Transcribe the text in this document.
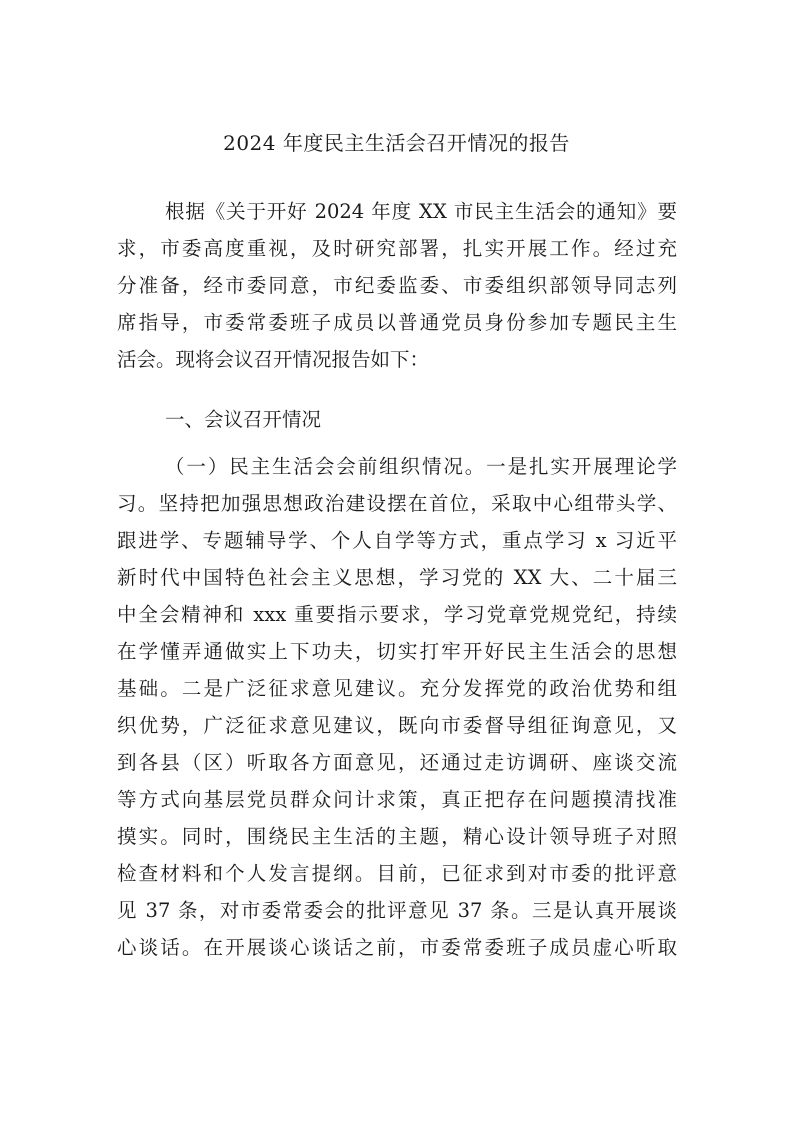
2024 年度民主生活会召开情况的报告
根据《关于开好 2024 年度 XX 市民主生活会的通知》要
求，市委高度重视，及时研究部署，扎实开展工作。经过充
分准备，经市委同意，市纪委监委、市委组织部领导同志列
席指导，市委常委班子成员以普通党员身份参加专题民主生
活会。现将会议召开情况报告如下：
一、会议召开情况
（一）民主生活会会前组织情况。一是扎实开展理论学
习。坚持把加强思想政治建设摆在首位，采取中心组带头学、
跟进学、专题辅导学、个人自学等方式，重点学习 x 习近平
新时代中国特色社会主义思想，学习党的 XX 大、二十届三
中全会精神和 xxx 重要指示要求，学习党章党规党纪，持续
在学懂弄通做实上下功夫，切实打牢开好民主生活会的思想
基础。二是广泛征求意见建议。充分发挥党的政治优势和组
织优势，广泛征求意见建议，既向市委督导组征询意见，又
到各县（区）听取各方面意见，还通过走访调研、座谈交流
等方式向基层党员群众问计求策，真正把存在问题摸清找准
摸实。同时，围绕民主生活的主题，精心设计领导班子对照
检查材料和个人发言提纲。目前，已征求到对市委的批评意
见 37 条，对市委常委会的批评意见 37 条。三是认真开展谈
心谈话。在开展谈心谈话之前，市委常委班子成员虚心听取
